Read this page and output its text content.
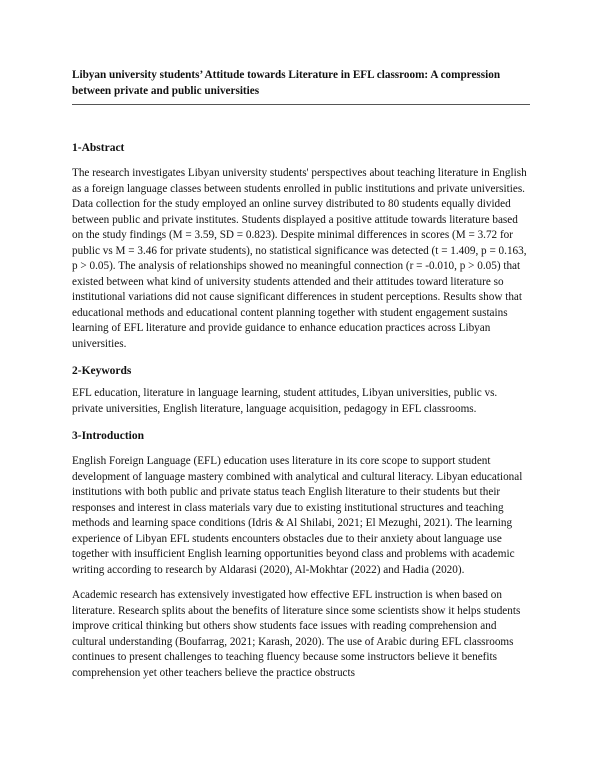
Libyan university students’ Attitude towards Literature in EFL classroom: A compression between private and public universities
1-Abstract

The research investigates Libyan university students' perspectives about teaching literature in English as a foreign language classes between students enrolled in public institutions and private universities. Data collection for the study employed an online survey distributed to 80 students equally divided between public and private institutes. Students displayed a positive attitude towards literature based on the study findings (M = 3.59, SD = 0.823). Despite minimal differences in scores (M = 3.72 for public vs M = 3.46 for private students), no statistical significance was detected (t = 1.409, p = 0.163, p > 0.05). The analysis of relationships showed no meaningful connection (r = -0.010, p > 0.05) that existed between what kind of university students attended and their attitudes toward literature so institutional variations did not cause significant differences in student perceptions. Results show that educational methods and educational content planning together with student engagement sustains learning of EFL literature and provide guidance to enhance education practices across Libyan universities.

2-Keywords

EFL education, literature in language learning, student attitudes, Libyan universities, public vs. private universities, English literature, language acquisition, pedagogy in EFL classrooms.

3-Introduction

English Foreign Language (EFL) education uses literature in its core scope to support student development of language mastery combined with analytical and cultural literacy. Libyan educational institutions with both public and private status teach English literature to their students but their responses and interest in class materials vary due to existing institutional structures and teaching methods and learning space conditions (Idris & Al Shilabi, 2021; El Mezughi, 2021). The learning experience of Libyan EFL students encounters obstacles due to their anxiety about language use together with insufficient English learning opportunities beyond class and problems with academic writing according to research by Aldarasi (2020), Al-Mokhtar (2022) and Hadia (2020).

Academic research has extensively investigated how effective EFL instruction is when based on literature. Research splits about the benefits of literature since some scientists show it helps students improve critical thinking but others show students face issues with reading comprehension and cultural understanding (Boufarrag, 2021; Karash, 2020). The use of Arabic during EFL classrooms continues to present challenges to teaching fluency because some instructors believe it benefits comprehension yet other teachers believe the practice obstructs
